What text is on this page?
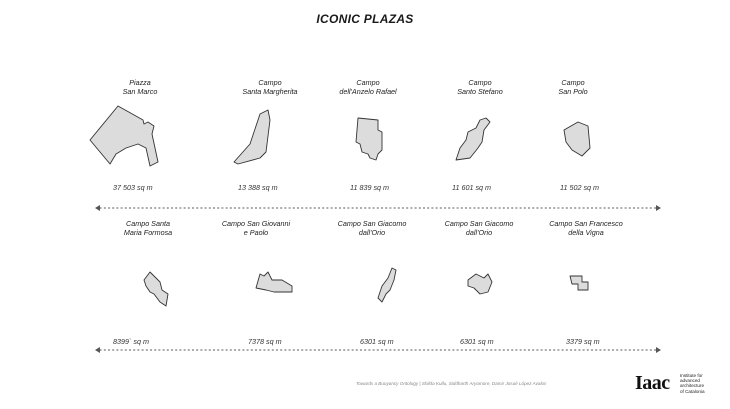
ICONIC PLAZAS
Piazza
San Marco
Campo
Santa Margherita
Campo
dell'Anzelo Rafael
Campo
Santo Stefano
Campo
San Polo
37 503 sq m	13 388 sq m	11 839 sq m	11 601 sq m	11 502 sq m
Campo Santa
Maria Formosa
Campo San Giovanni
e Paolo
Campo San Giacomo
dall'Orio
Campo San Giacomo
dall'Orio
Campo San Francesco
della Vigna
8399` sq m	7378 sq m	6301 sq m	6301 sq m	3379 sq m
Towards a Buoyancy Ontology | Shilda Kullu, Siddharth Aryomore, Damir Josué López Avalos	Iaac Institute for
advanced
architecture
of Catalonia
